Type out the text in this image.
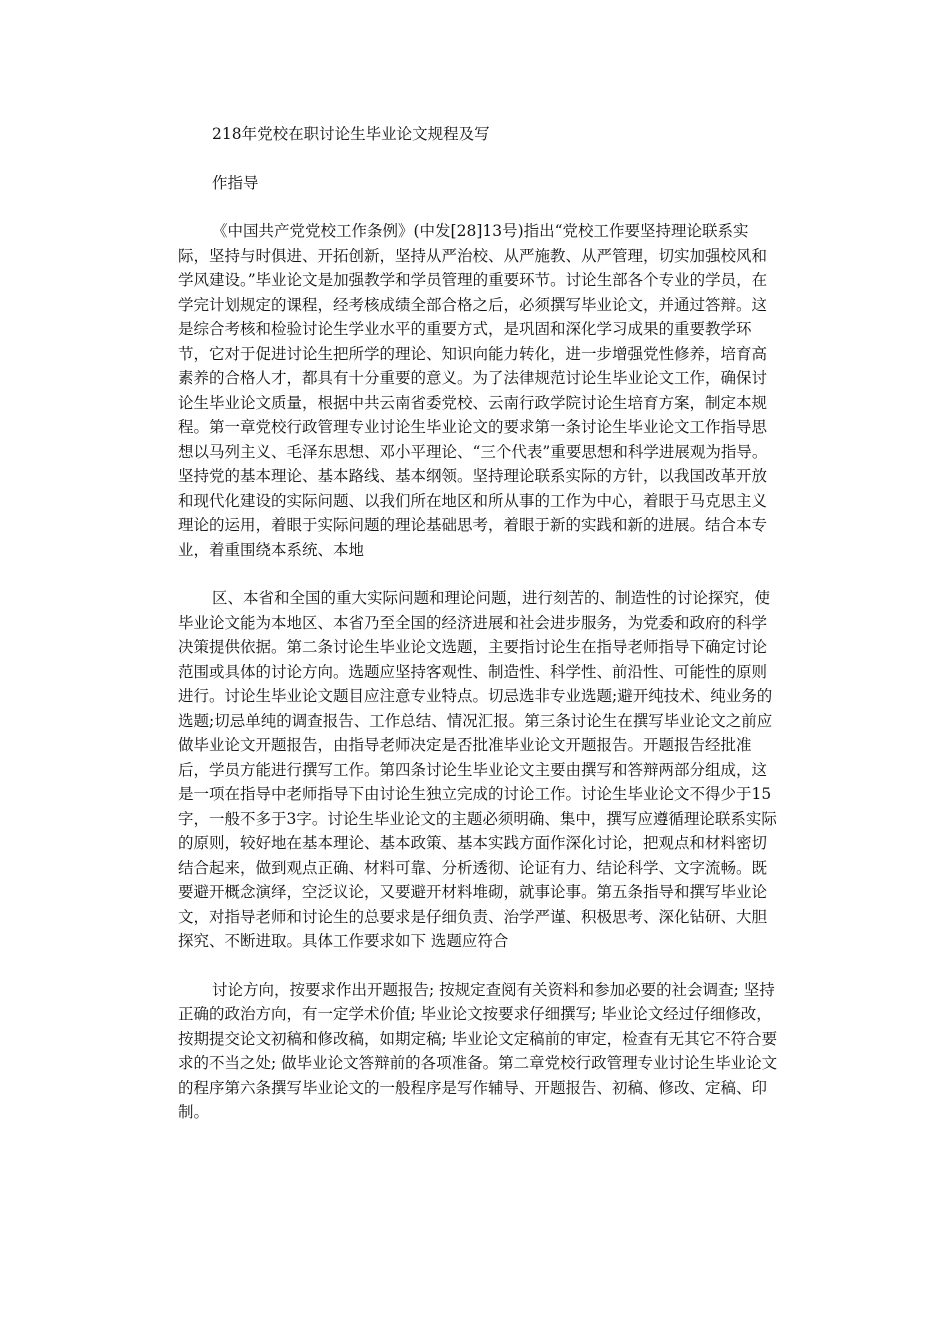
218年党校在职讨论生毕业论文规程及写

作指导

《中国共产党党校工作条例》(中发[28]13号)指出“党校工作要坚持理论联系实际，坚持与时俱进、开拓创新，坚持从严治校、从严施教、从严管理，切实加强校风和学风建设。”毕业论文是加强教学和学员管理的重要环节。讨论生部各个专业的学员，在学完计划规定的课程，经考核成绩全部合格之后，必须撰写毕业论文，并通过答辩。这是综合考核和检验讨论生学业水平的重要方式，是巩固和深化学习成果的重要教学环节，它对于促进讨论生把所学的理论、知识向能力转化，进一步增强党性修养，培育高素养的合格人才，都具有十分重要的意义。为了法律规范讨论生毕业论文工作，确保讨论生毕业论文质量，根据中共云南省委党校、云南行政学院讨论生培育方案，制定本规程。第一章党校行政管理专业讨论生毕业论文的要求第一条讨论生毕业论文工作指导思想以马列主义、毛泽东思想、邓小平理论、“三个代表”重要思想和科学进展观为指导。坚持党的基本理论、基本路线、基本纲领。坚持理论联系实际的方针，以我国改革开放和现代化建设的实际问题、以我们所在地区和所从事的工作为中心，着眼于马克思主义理论的运用，着眼于实际问题的理论基础思考，着眼于新的实践和新的进展。结合本专业，着重围绕本系统、本地

区、本省和全国的重大实际问题和理论问题，进行刻苦的、制造性的讨论探究，使毕业论文能为本地区、本省乃至全国的经济进展和社会进步服务，为党委和政府的科学决策提供依据。第二条讨论生毕业论文选题，主要指讨论生在指导老师指导下确定讨论范围或具体的讨论方向。选题应坚持客观性、制造性、科学性、前沿性、可能性的原则进行。讨论生毕业论文题目应注意专业特点。切忌选非专业选题;避开纯技术、纯业务的选题;切忌单纯的调查报告、工作总结、情况汇报。第三条讨论生在撰写毕业论文之前应做毕业论文开题报告，由指导老师决定是否批准毕业论文开题报告。开题报告经批准后，学员方能进行撰写工作。第四条讨论生毕业论文主要由撰写和答辩两部分组成，这是一项在指导中老师指导下由讨论生独立完成的讨论工作。讨论生毕业论文不得少于15字，一般不多于3字。讨论生毕业论文的主题必须明确、集中，撰写应遵循理论联系实际的原则，较好地在基本理论、基本政策、基本实践方面作深化讨论，把观点和材料密切结合起来，做到观点正确、材料可靠、分析透彻、论证有力、结论科学、文字流畅。既要避开概念演绎，空泛议论，又要避开材料堆砌，就事论事。第五条指导和撰写毕业论文，对指导老师和讨论生的总要求是仔细负责、治学严谨、积极思考、深化钻研、大胆探究、不断进取。具体工作要求如下 选题应符合

讨论方向，按要求作出开题报告; 按规定查阅有关资料和参加必要的社会调查; 坚持正确的政治方向，有一定学术价值; 毕业论文按要求仔细撰写; 毕业论文经过仔细修改，按期提交论文初稿和修改稿，如期定稿; 毕业论文定稿前的审定，检查有无其它不符合要求的不当之处; 做毕业论文答辩前的各项准备。第二章党校行政管理专业讨论生毕业论文的程序第六条撰写毕业论文的一般程序是写作辅导、开题报告、初稿、修改、定稿、印制。
